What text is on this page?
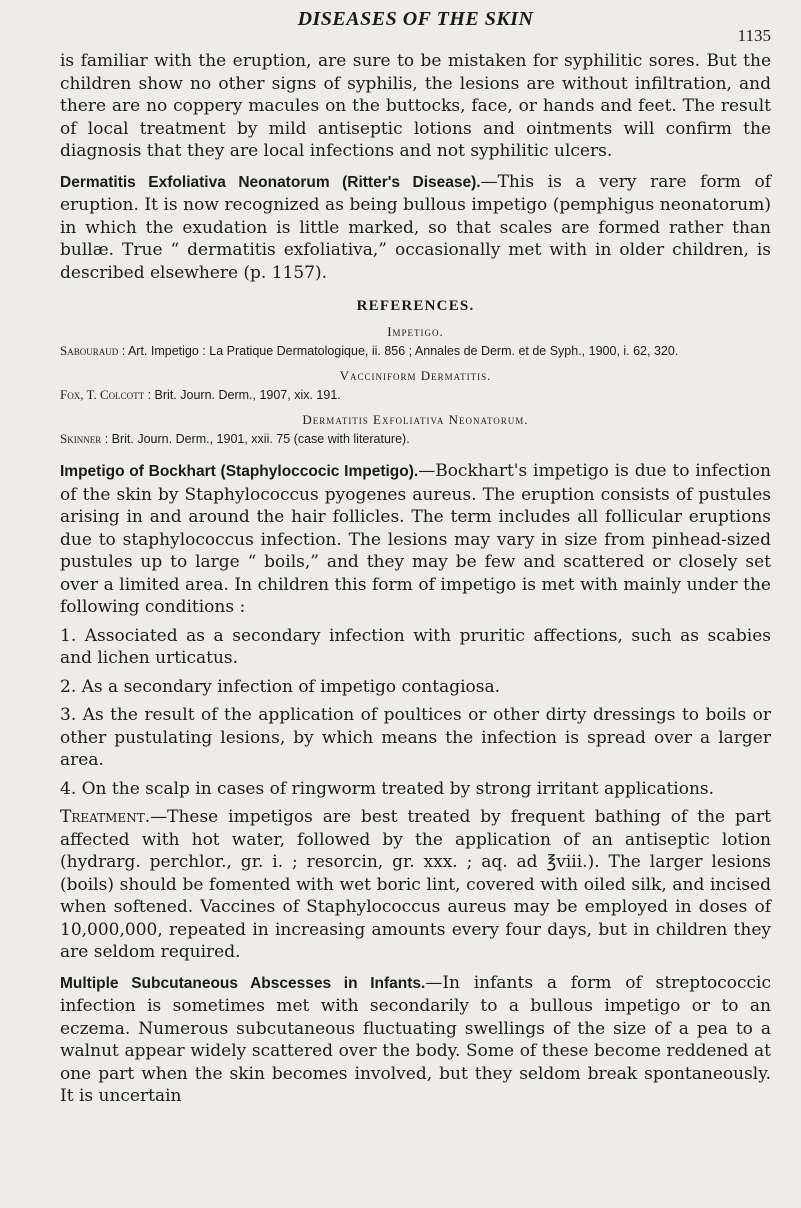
DISEASES OF THE SKIN
1135

is familiar with the eruption, are sure to be mistaken for syphilitic sores. But the children show no other signs of syphilis, the lesions are without infiltration, and there are no coppery macules on the buttocks, face, or hands and feet. The result of local treatment by mild antiseptic lotions and ointments will confirm the diagnosis that they are local infections and not syphilitic ulcers.

Dermatitis Exfoliativa Neonatorum (Ritter's Disease).—This is a very rare form of eruption. It is now recognized as being bullous impetigo (pemphigus neonatorum) in which the exudation is little marked, so that scales are formed rather than bullæ. True “ dermatitis exfoliativa,” occasionally met with in older children, is described elsewhere (p. 1157).

REFERENCES.
Impetigo.
Sabouraud : Art. Impetigo : La Pratique Dermatologique, ii. 856 ; Annales de Derm. et de Syph., 1900, i. 62, 320.
Vacciniform Dermatitis.
Fox, T. Colcott : Brit. Journ. Derm., 1907, xix. 191.
Dermatitis Exfoliativa Neonatorum.
Skinner : Brit. Journ. Derm., 1901, xxii. 75 (case with literature).

Impetigo of Bockhart (Staphyloccocic Impetigo).—Bockhart's impetigo is due to infection of the skin by Staphylococcus pyogenes aureus. The eruption consists of pustules arising in and around the hair follicles. The term includes all follicular eruptions due to staphylococcus infection. The lesions may vary in size from pinhead-sized pustules up to large “ boils,” and they may be few and scattered or closely set over a limited area. In children this form of impetigo is met with mainly under the following conditions :

1. Associated as a secondary infection with pruritic affections, such as scabies and lichen urticatus.

2. As a secondary infection of impetigo contagiosa.

3. As the result of the application of poultices or other dirty dressings to boils or other pustulating lesions, by which means the infection is spread over a larger area.

4. On the scalp in cases of ringworm treated by strong irritant applications.

Treatment.—These impetigos are best treated by frequent bathing of the part affected with hot water, followed by the application of an antiseptic lotion (hydrarg. perchlor., gr. i. ; resorcin, gr. xxx. ; aq. ad ℥viii.). The larger lesions (boils) should be fomented with wet boric lint, covered with oiled silk, and incised when softened. Vaccines of Staphylococcus aureus may be employed in doses of 10,000,000, repeated in increasing amounts every four days, but in children they are seldom required.

Multiple Subcutaneous Abscesses in Infants.—In infants a form of streptococcic infection is sometimes met with secondarily to a bullous impetigo or to an eczema. Numerous subcutaneous fluctuating swellings of the size of a pea to a walnut appear widely scattered over the body. Some of these become reddened at one part when the skin becomes involved, but they seldom break spontaneously. It is uncertain
